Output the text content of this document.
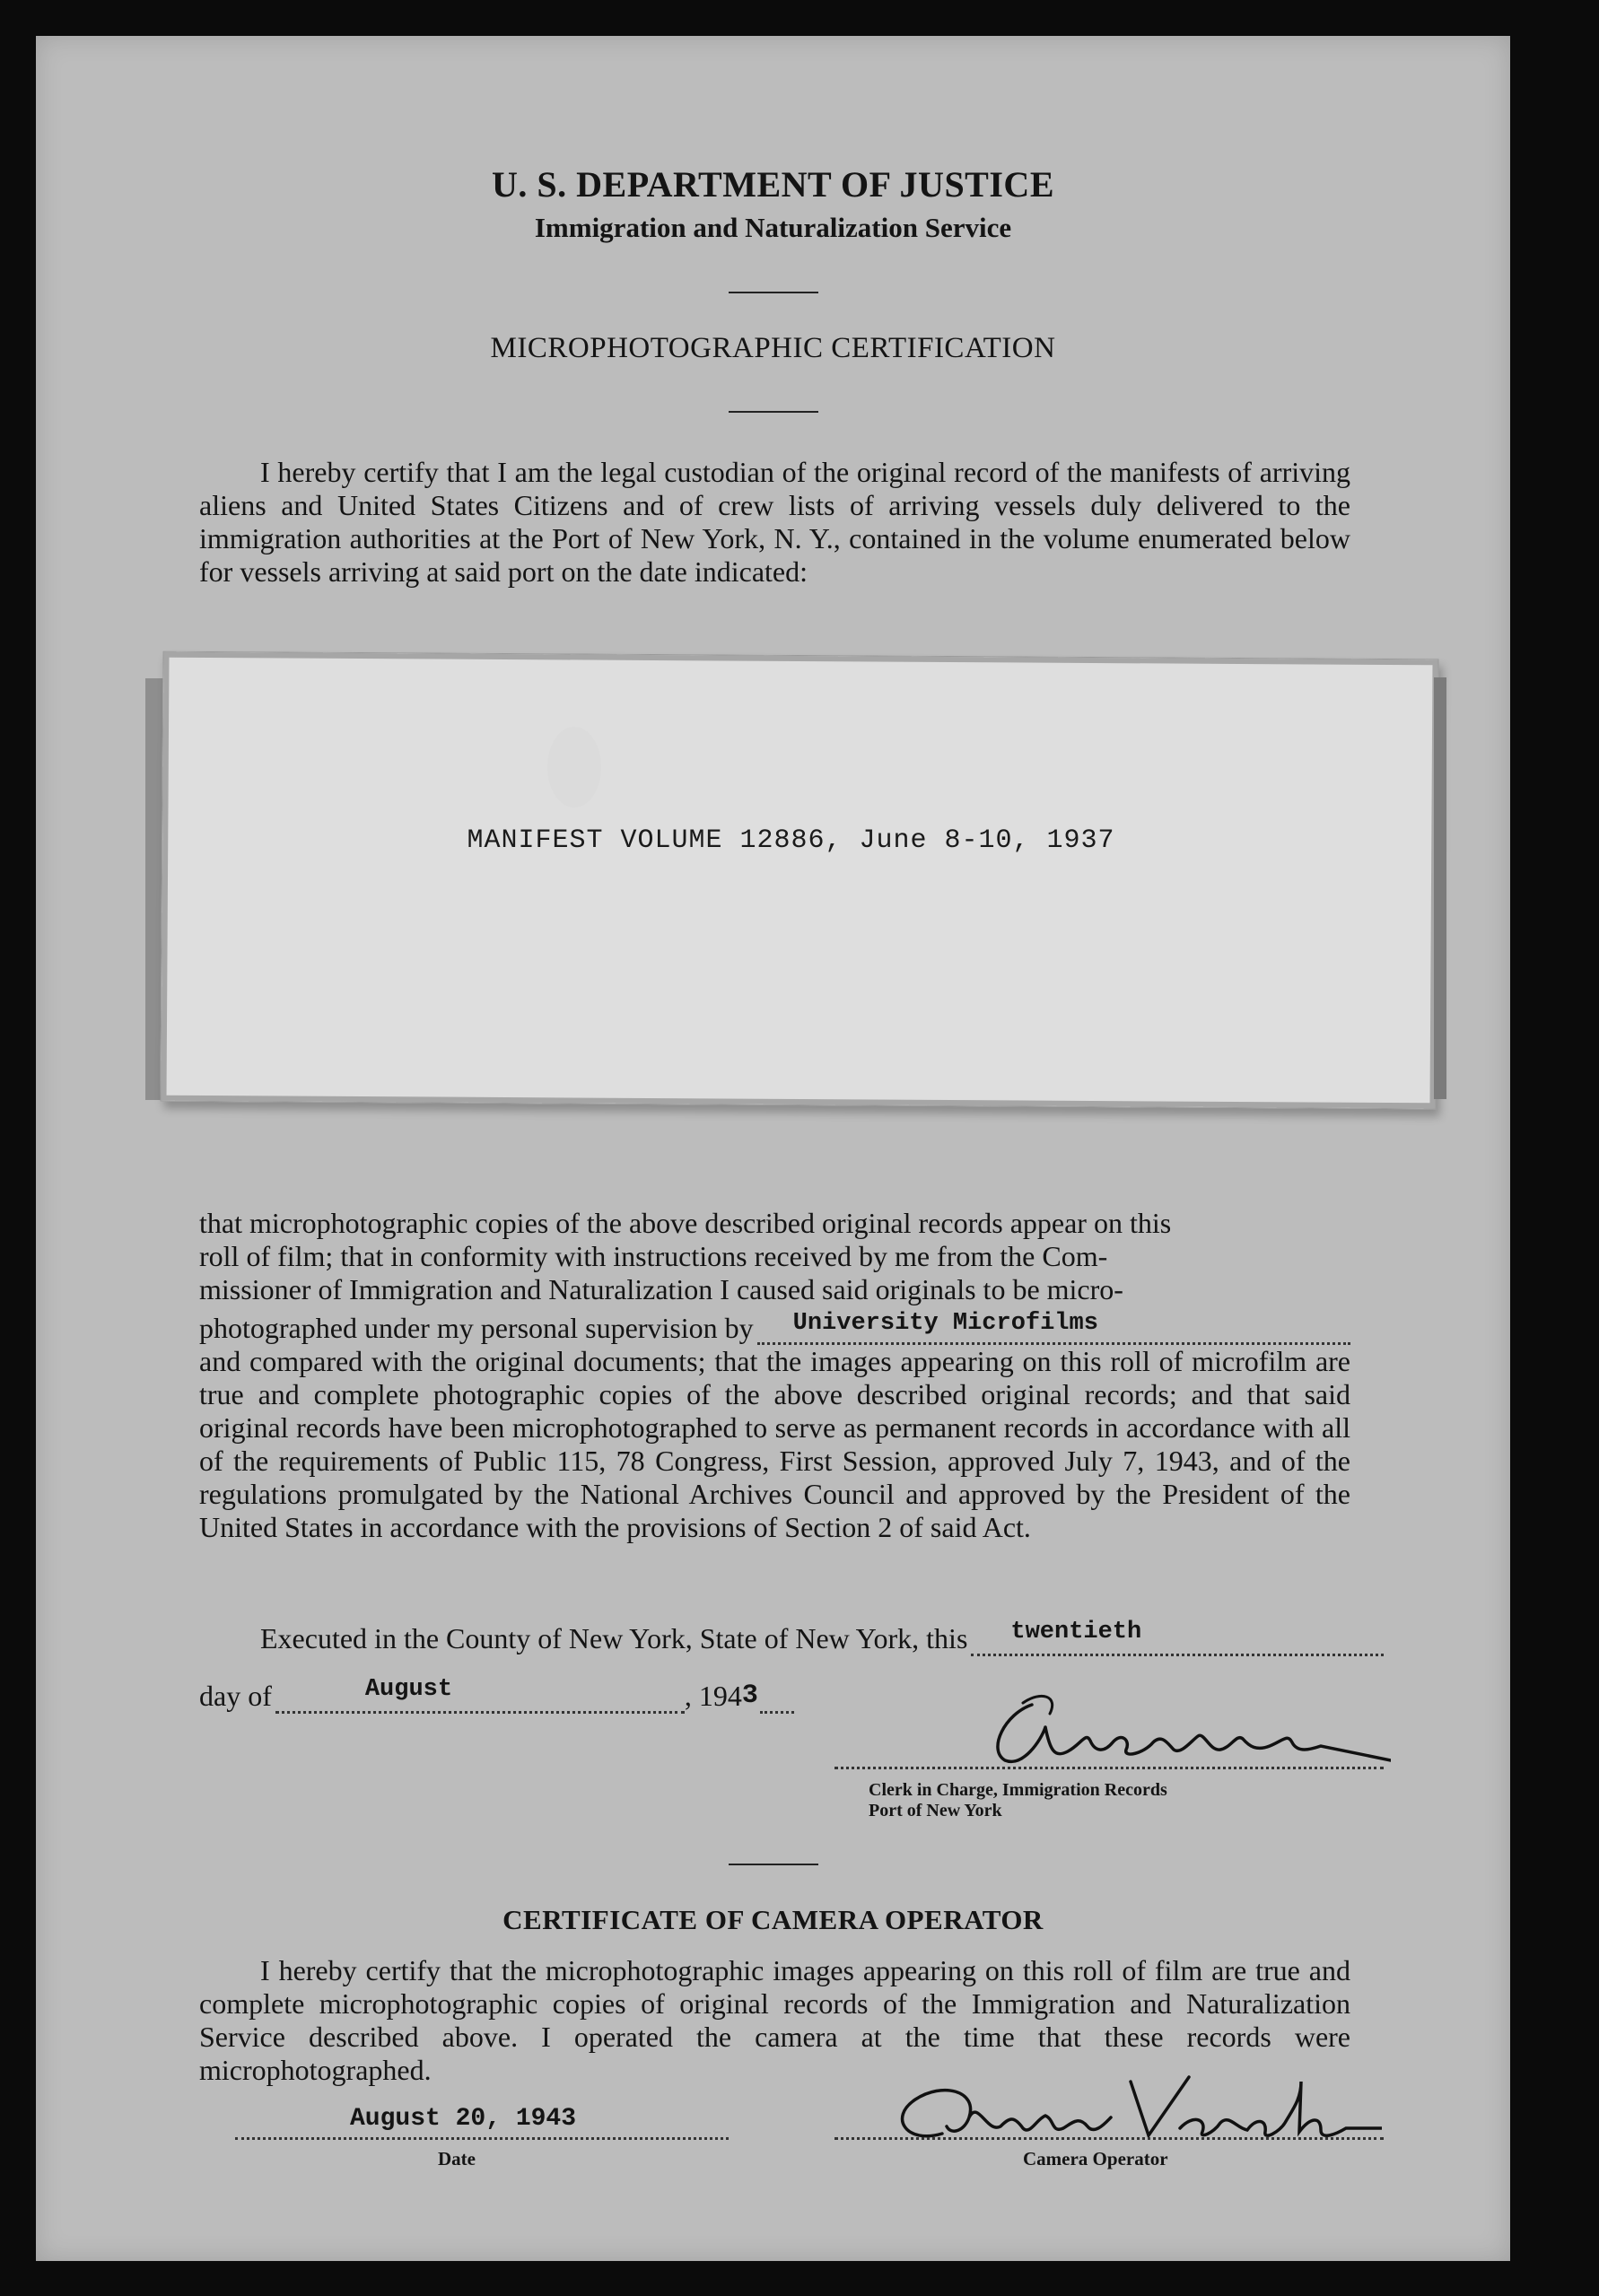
U. S. DEPARTMENT OF JUSTICE
Immigration and Naturalization Service
MICROPHOTOGRAPHIC CERTIFICATION
I hereby certify that I am the legal custodian of the original record of the manifests of arriving aliens and United States Citizens and of crew lists of arriving vessels duly delivered to the immigration authorities at the Port of New York, N. Y., contained in the volume enumerated below for vessels arriving at said port on the date indicated:
MANIFEST VOLUME 12886, June 8-10, 1937
that microphotographic copies of the above described original records appear on this
roll of film; that in conformity with instructions received by me from the Com-
missioner of Immigration and Naturalization I caused said originals to be micro-
photographed under my personal supervision by University Microfilms
and compared with the original documents; that the images appearing on this roll of microfilm are true and complete photographic copies of the above described original records; and that said original records have been microphotographed to serve as permanent records in accordance with all of the requirements of Public 115, 78 Congress, First Session, approved July 7, 1943, and of the regulations promulgated by the National Archives Council and approved by the President of the United States in accordance with the provisions of Section 2 of said Act.
Executed in the County of New York, State of New York, this twentieth
day of	August	, 194 3
Clerk in Charge, Immigration Records
Port of New York
CERTIFICATE OF CAMERA OPERATOR
I hereby certify that the microphotographic images appearing on this roll of film are true and complete microphotographic copies of original records of the Immigration and Naturalization Service described above. I operated the camera at the time that these records were microphotographed.
August 20, 1943
Date	Camera Operator
